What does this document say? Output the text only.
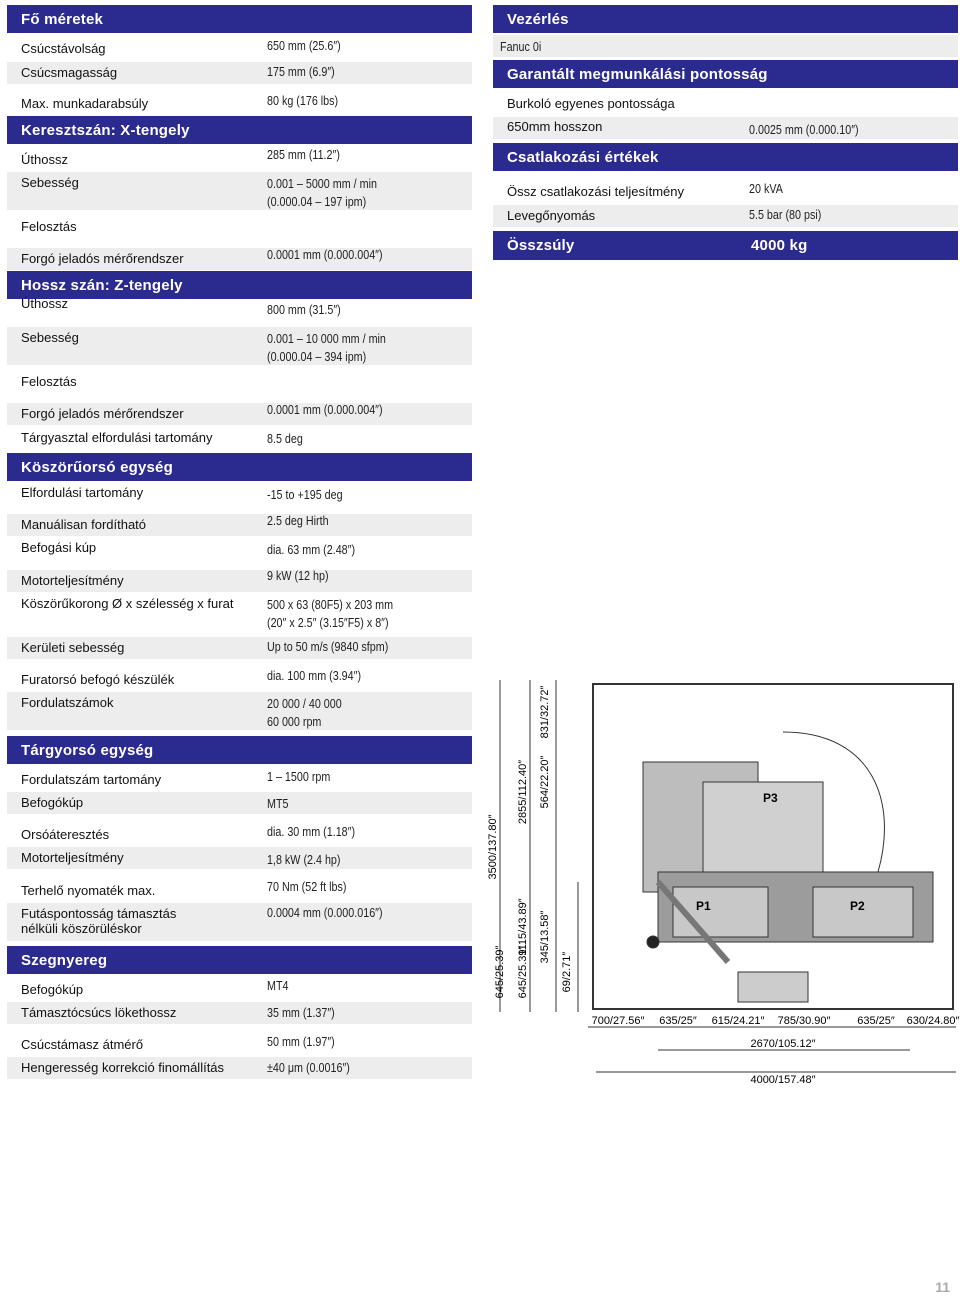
Fő méretek
Csúcstávolság	650 mm (25.6″)
Csúcsmagasság	175 mm (6.9″)
Max. munkadarabsúly	80 kg (176 lbs)
Keresztszán: X-tengely
Úthossz	285 mm (11.2″)
Sebesség	0.001 – 5000 mm / min
(0.000.04 – 197 ipm)
Felosztás
Forgó jeladós mérőrendszer	0.0001 mm (0.000.004″)
Hossz szán: Z-tengely
Úthossz	800 mm (31.5″)
Sebesség	0.001 – 10 000 mm / min
(0.000.04 – 394 ipm)
Felosztás
Forgó jeladós mérőrendszer	0.0001 mm (0.000.004″)
Tárgyasztal elfordulási tartomány	8.5 deg
Köszörűorsó egység
Elfordulási tartomány	-15 to +195 deg
Manuálisan fordítható	2.5 deg Hirth
Befogási kúp	dia. 63 mm (2.48″)
Motorteljesítmény	9 kW (12 hp)
Köszörűkorong Ø x szélesség x furat	500 x 63 (80F5) x 203 mm
(20″ x 2.5″ (3.15″F5) x 8″)
Kerületi sebesség	Up to 50 m/s (9840 sfpm)
Furatorsó befogó készülék	dia. 100 mm (3.94″)
Fordulatszámok	20 000 / 40 000
60 000 rpm
Tárgyorsó egység
Fordulatszám tartomány	1 – 1500 rpm
Befogókúp	MT5
Orsóáteresztés	dia. 30 mm (1.18″)
Motorteljesítmény	1,8 kW (2.4 hp)
Terhelő nyomaték max.	70 Nm (52 ft lbs)
Futáspontosság támasztás
nélküli köszörüléskor
0.0004 mm (0.000.016″)
Szegnyereg
Befogókúp	MT4
Támasztócsúcs lökethossz	35 mm (1.37″)
Csúcstámasz átmérő	50 mm (1.97″)
Hengeresség korrekció finomállítás	±40 μm (0.0016″)
Vezérlés
Fanuc 0i
Garantált megmunkálási pontosság
Burkoló egyenes pontossága
650mm hosszon	0.0025 mm (0.000.10″)
Csatlakozási értékek
Össz csatlakozási teljesítmény	20 kVA
Levegőnyomás	5.5 bar (80 psi)
Összsúly	4000 kg
P3
P1	P2
3500/137.80″
2855/112.40″
1115/43.89″
831/32.72″
564/22.20″
345/13.58″
645/25.39″ 645/25.39″	69/2.71″
700/27.56″ 635/25″ 615/24.21″ 785/30.90″ 635/25″ 630/24.80″
2670/105.12″
4000/157.48″
11
